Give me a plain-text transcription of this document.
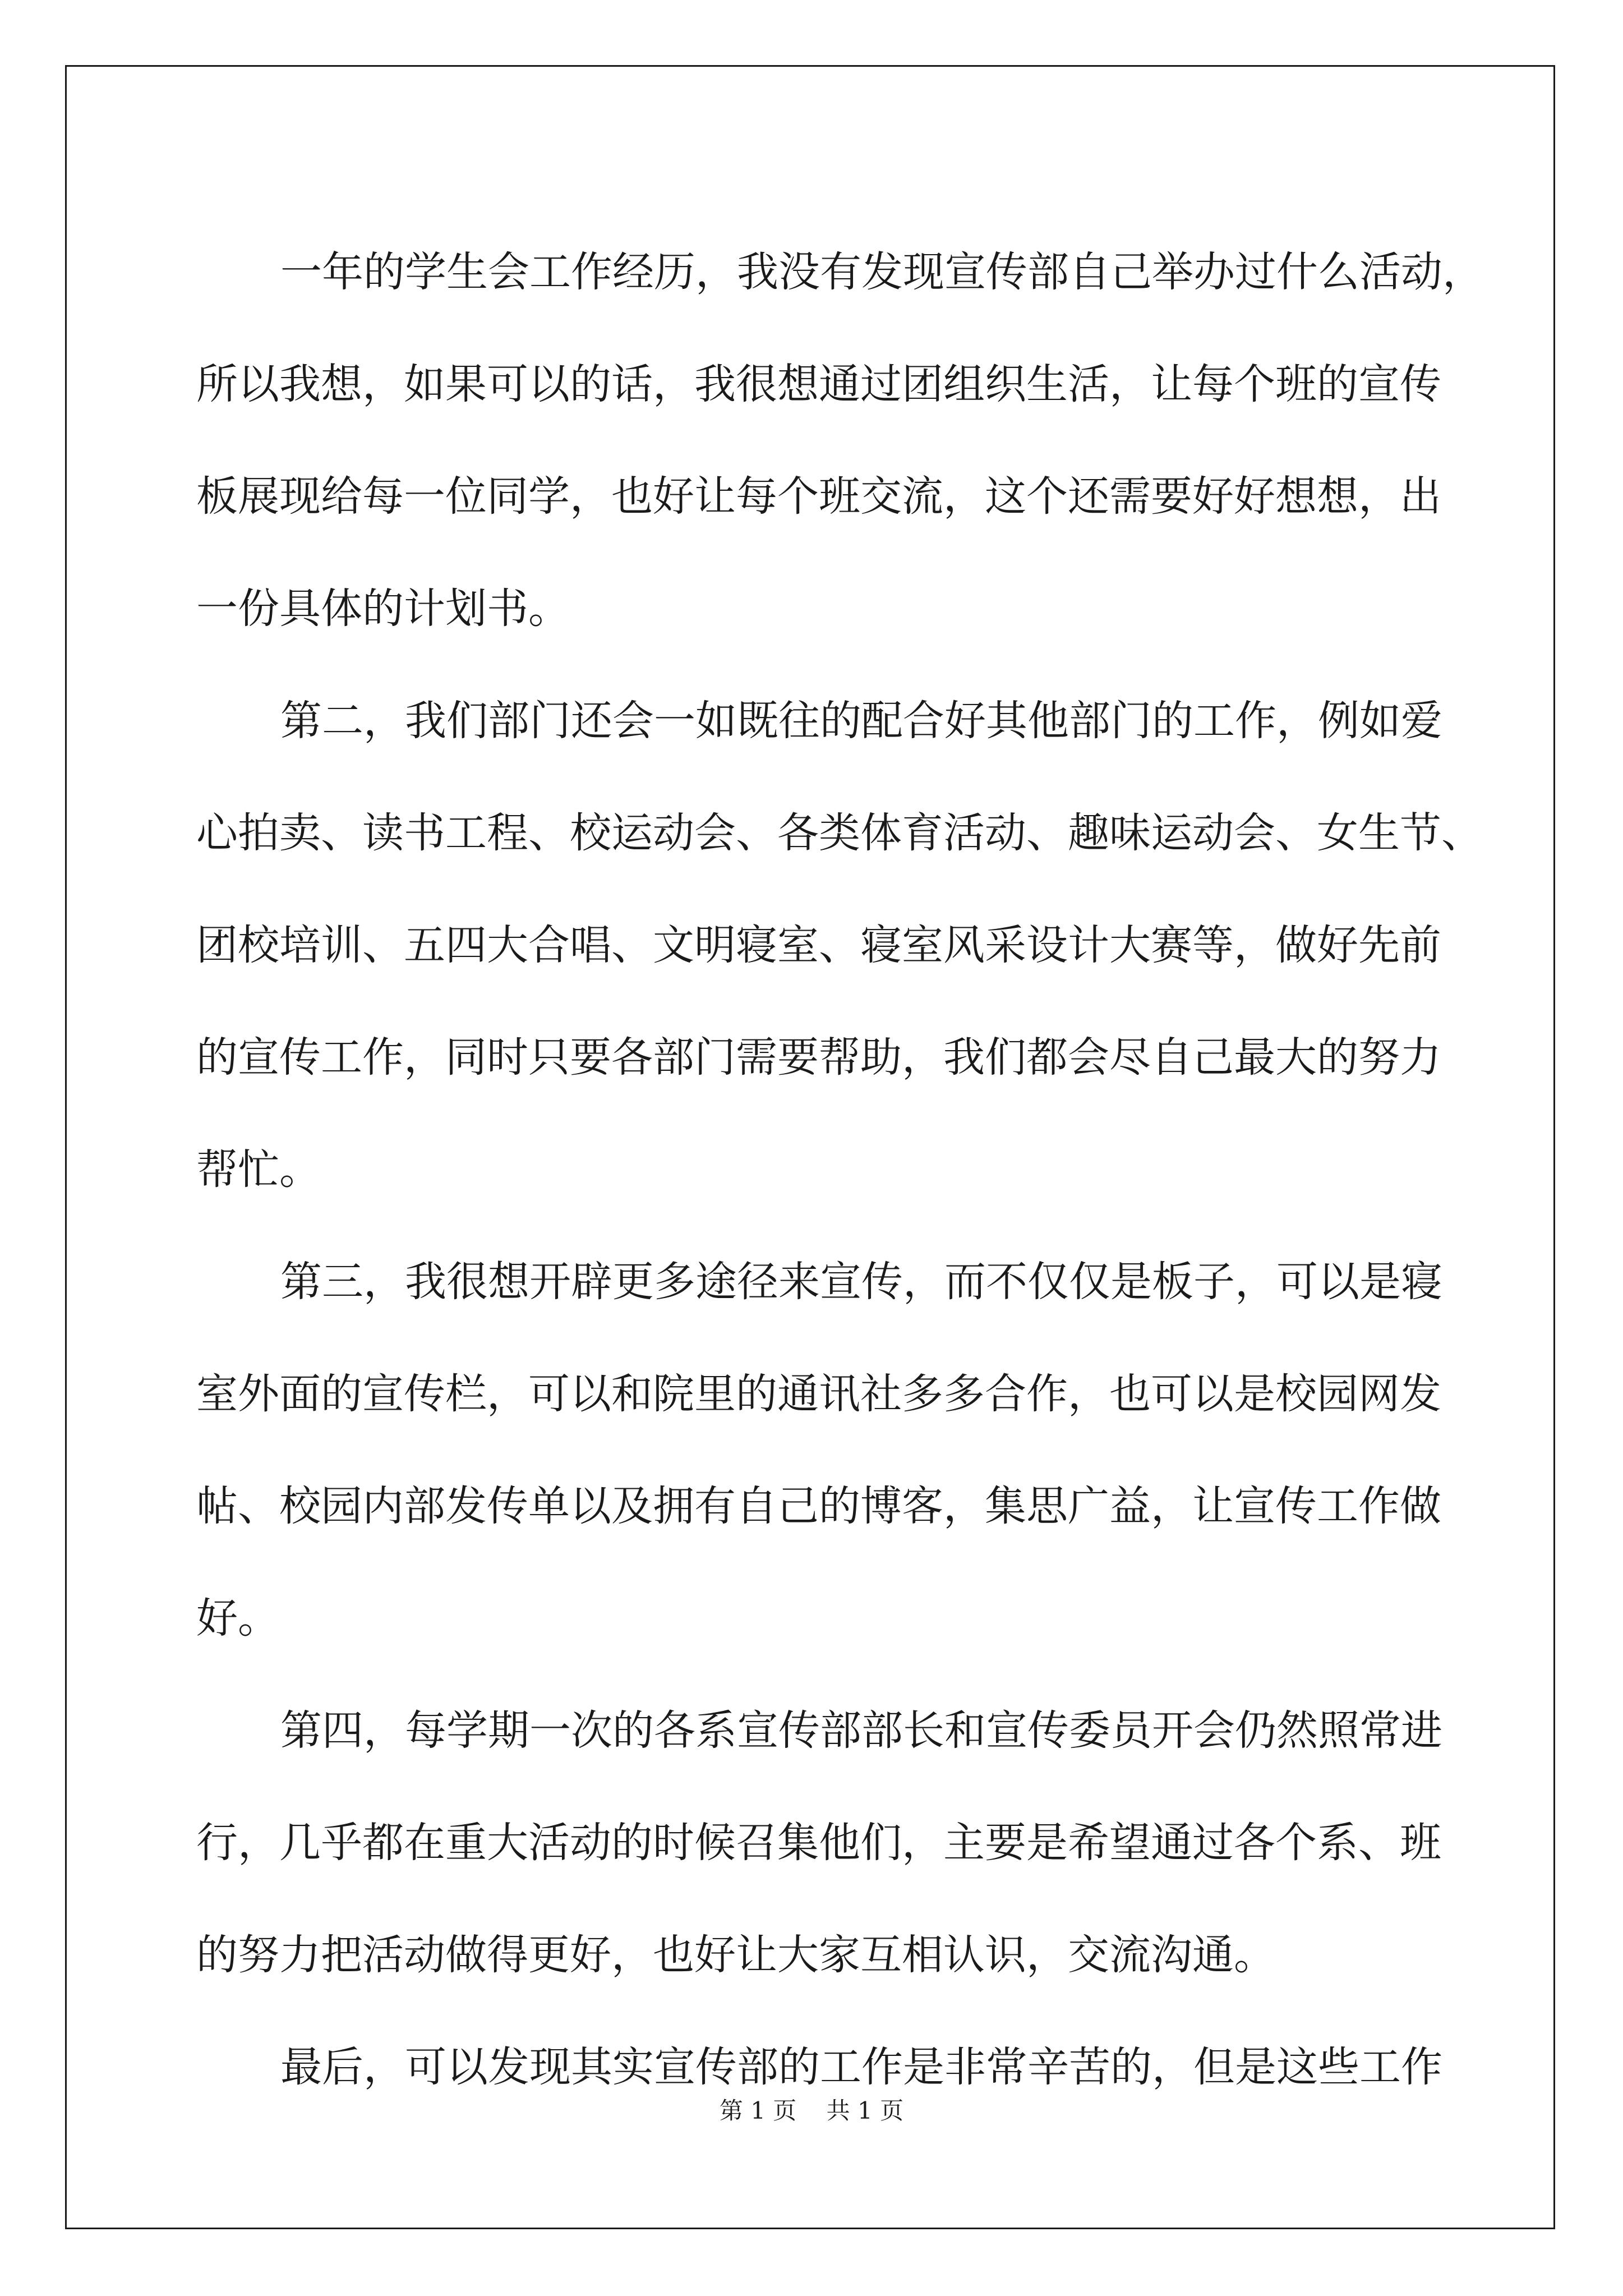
一年的学生会工作经历，我没有发现宣传部自己举办过什么活动，
所以我想，如果可以的话，我很想通过团组织生活，让每个班的宣传
板展现给每一位同学，也好让每个班交流，这个还需要好好想想，出
一份具体的计划书。
第二，我们部门还会一如既往的配合好其他部门的工作，例如爱
心拍卖、读书工程、校运动会、各类体育活动、趣味运动会、女生节、
团校培训、五四大合唱、文明寝室、寝室风采设计大赛等，做好先前
的宣传工作，同时只要各部门需要帮助，我们都会尽自己最大的努力
帮忙。
第三，我很想开辟更多途径来宣传，而不仅仅是板子，可以是寝
室外面的宣传栏，可以和院里的通讯社多多合作，也可以是校园网发
帖、校园内部发传单以及拥有自己的博客，集思广益，让宣传工作做
好。
第四，每学期一次的各系宣传部部长和宣传委员开会仍然照常进
行，几乎都在重大活动的时候召集他们，主要是希望通过各个系、班
的努力把活动做得更好，也好让大家互相认识，交流沟通。
最后，可以发现其实宣传部的工作是非常辛苦的，但是这些工作
第 1 页 共 1 页
